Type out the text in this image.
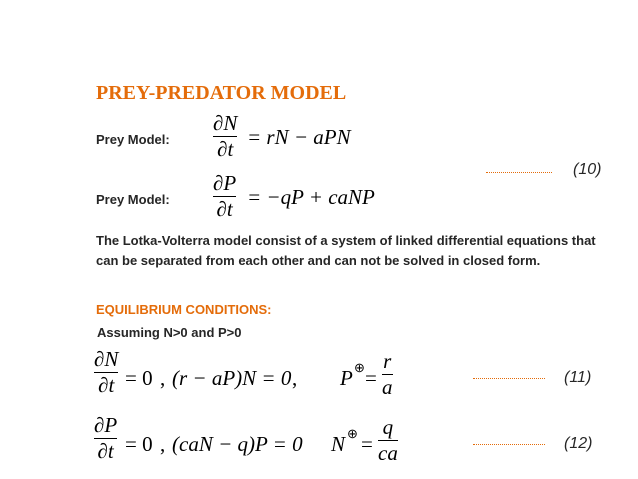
PREY-PREDATOR MODEL
Prey Model:
∂N
∂t = rN − aPN
(10)
Prey Model:
∂P
∂t = −qP + caNP
The Lotka-Volterra model consist of a system of linked differential equations that can be separated from each other and can not be solved in closed form.
EQUILIBRIUM CONDITIONS:
Assuming N>0 and P>0
∂N
∂t = 0 , (r − aP)N = 0 , P ⊕ =
r
a	(11)
∂P
∂t = 0 , (caN − q)P = 0 N ⊕ =
q
ca	(12)
